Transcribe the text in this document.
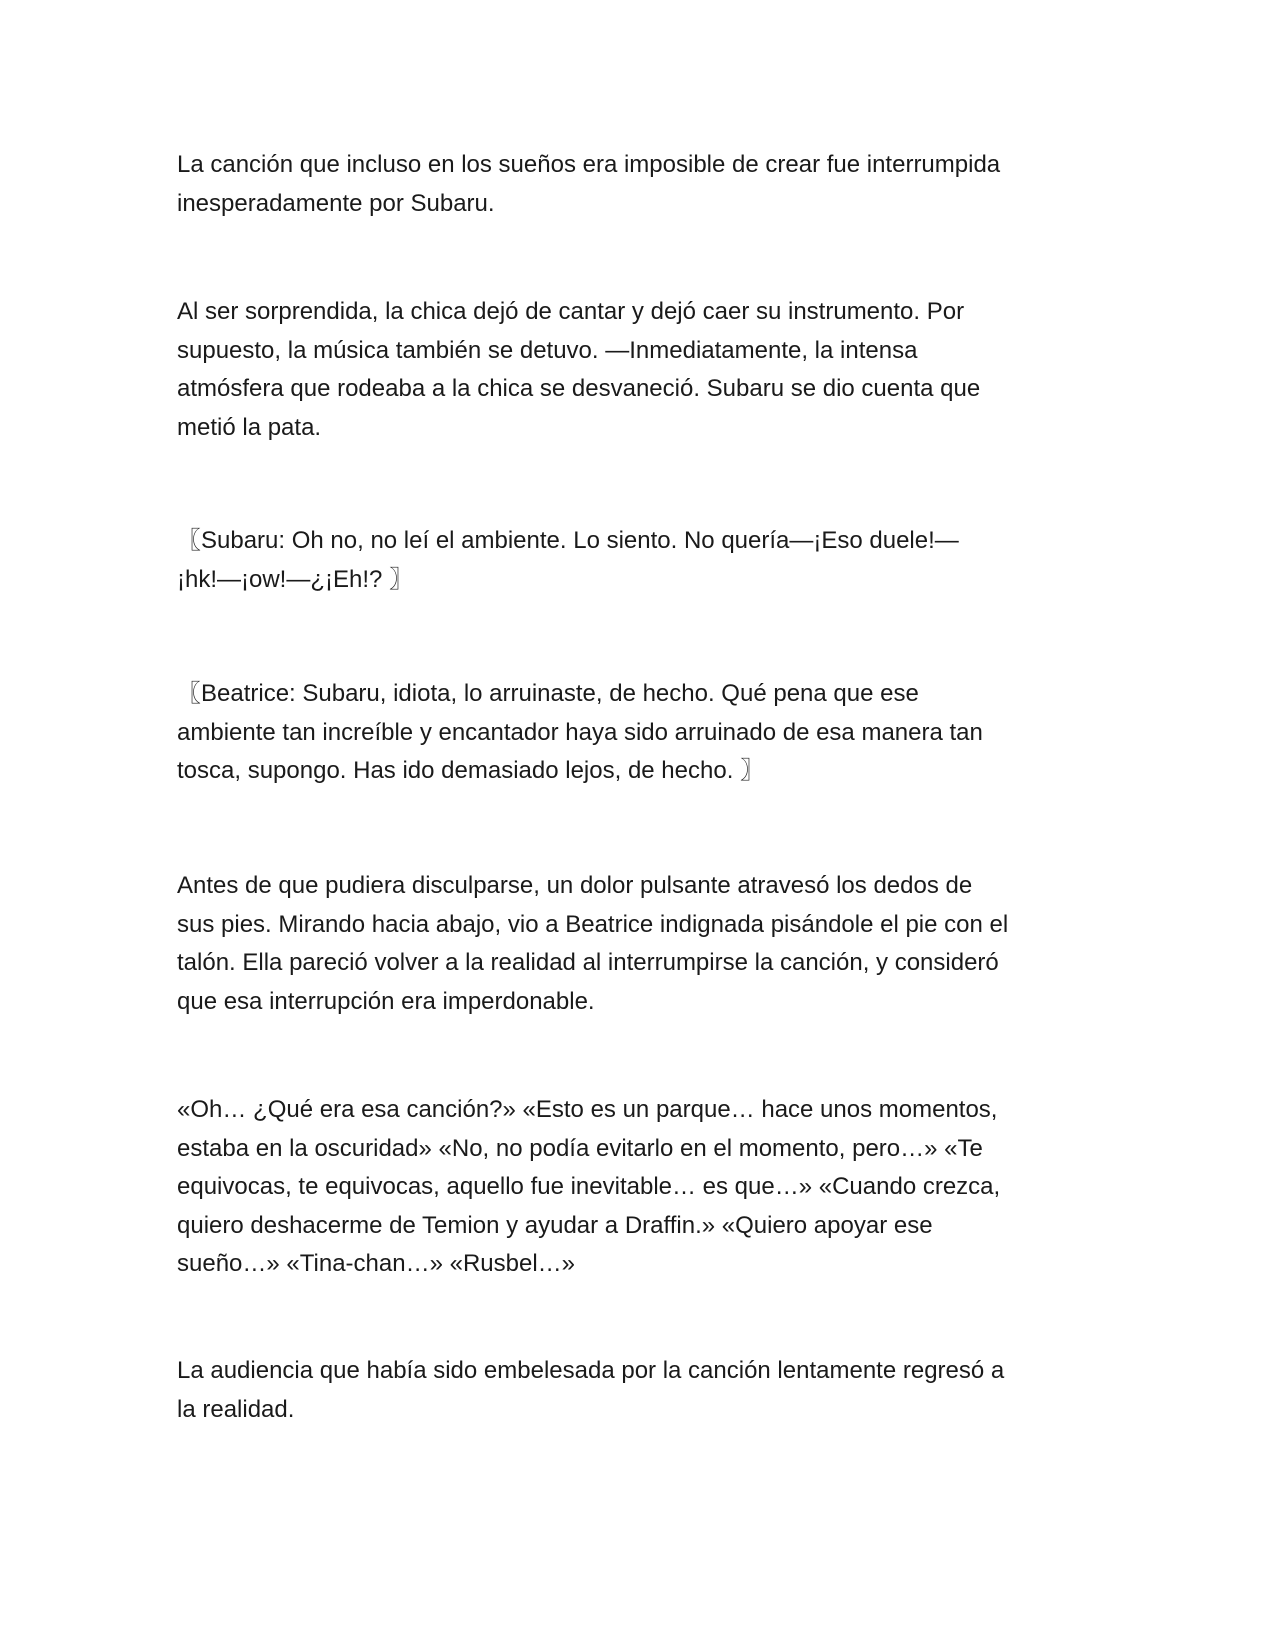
La canción que incluso en los sueños era imposible de crear fue interrumpida
inesperadamente por Subaru.

Al ser sorprendida, la chica dejó de cantar y dejó caer su instrumento. Por
supuesto, la música también se detuvo. —Inmediatamente, la intensa
atmósfera que rodeaba a la chica se desvaneció. Subaru se dio cuenta que
metió la pata.

〖Subaru: Oh no, no leí el ambiente. Lo siento. No quería—¡Eso duele!—
¡hk!—¡ow!—¿¡Eh!? 〗

〖Beatrice: Subaru, idiota, lo arruinaste, de hecho. Qué pena que ese
ambiente tan increíble y encantador haya sido arruinado de esa manera tan
tosca, supongo. Has ido demasiado lejos, de hecho. 〗

Antes de que pudiera disculparse, un dolor pulsante atravesó los dedos de
sus pies. Mirando hacia abajo, vio a Beatrice indignada pisándole el pie con el
talón. Ella pareció volver a la realidad al interrumpirse la canción, y consideró
que esa interrupción era imperdonable.

«Oh… ¿Qué era esa canción?» «Esto es un parque… hace unos momentos,
estaba en la oscuridad» «No, no podía evitarlo en el momento, pero…» «Te
equivocas, te equivocas, aquello fue inevitable… es que…» «Cuando crezca,
quiero deshacerme de Temion y ayudar a Draffin.» «Quiero apoyar ese
sueño…» «Tina-chan…» «Rusbel…»

La audiencia que había sido embelesada por la canción lentamente regresó a
la realidad.
